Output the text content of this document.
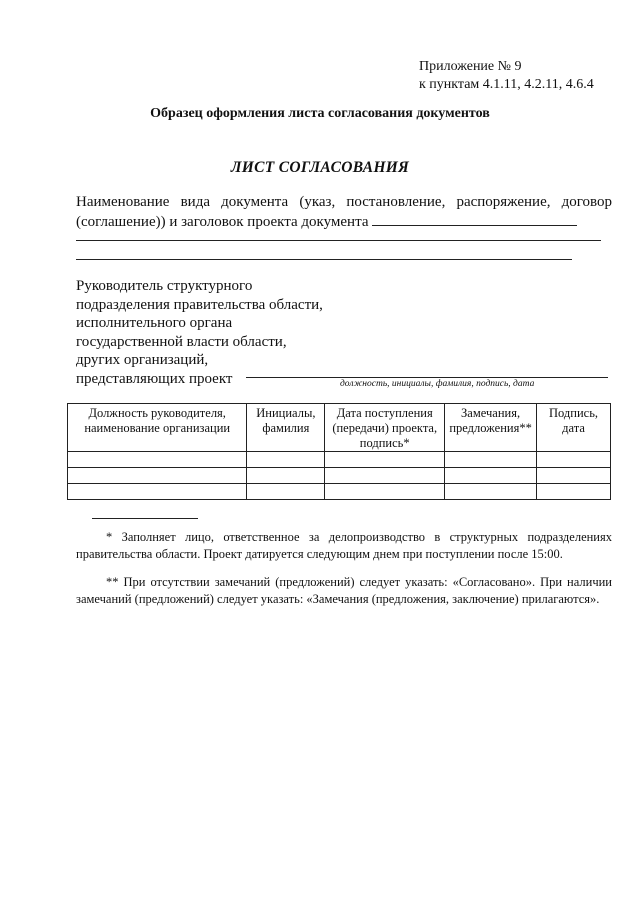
Приложение № 9
к пунктам 4.1.11, 4.2.11, 4.6.4
Образец оформления листа согласования документов
ЛИСТ СОГЛАСОВАНИЯ
Наименование вида документа (указ, постановление, распоряжение, договор
(соглашение)) и заголовок проекта документа
Руководитель структурного
подразделения правительства области,
исполнительного органа
государственной власти области,
других организаций,
представляющих проект	должность, инициалы, фамилия, подпись, дата
Должность руководителя, наименование организации	Инициалы, фамилия	Дата поступления (передачи) проекта, подпись*	Замечания, предложения**	Подпись, дата

* Заполняет лицо, ответственное за делопроизводство в структурных подразделениях правительства области. Проект датируется следующим днем при поступлении после 15:00.
** При отсутствии замечаний (предложений) следует указать: «Согласовано». При наличии замечаний (предложений) следует указать: «Замечания (предложения, заключение) прилагаются».
